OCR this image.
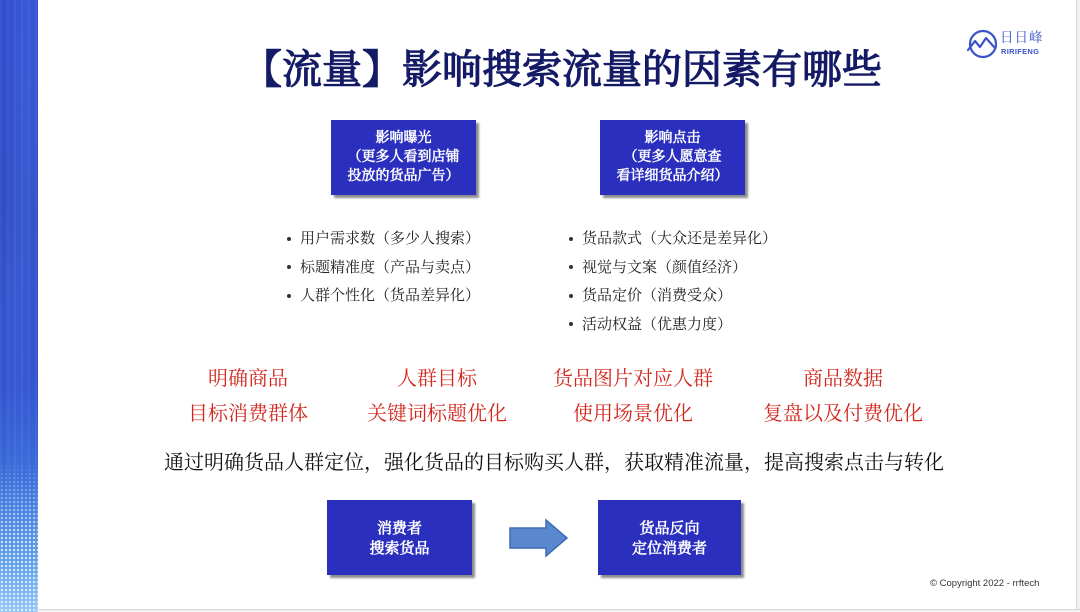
日日峰
RIRIFENG
【流量】影响搜索流量的因素有哪些
影响曝光
（更多人看到店铺
投放的货品广告）
影响点击
（更多人愿意查
看详细货品介绍）
用户需求数（多少人搜索）
标题精准度（产品与卖点）
人群个性化（货品差异化）
货品款式（大众还是差异化）
视觉与文案（颜值经济）
货品定价（消费受众）
活动权益（优惠力度）
明确商品	人群目标	货品图片对应人群	商品数据
目标消费群体	关键词标题优化	使用场景优化	复盘以及付费优化
通过明确货品人群定位，强化货品的目标购买人群，获取精准流量，提高搜索点击与转化
消费者
搜索货品
货品反向
定位消费者
© Copyright 2022 - rrftech
